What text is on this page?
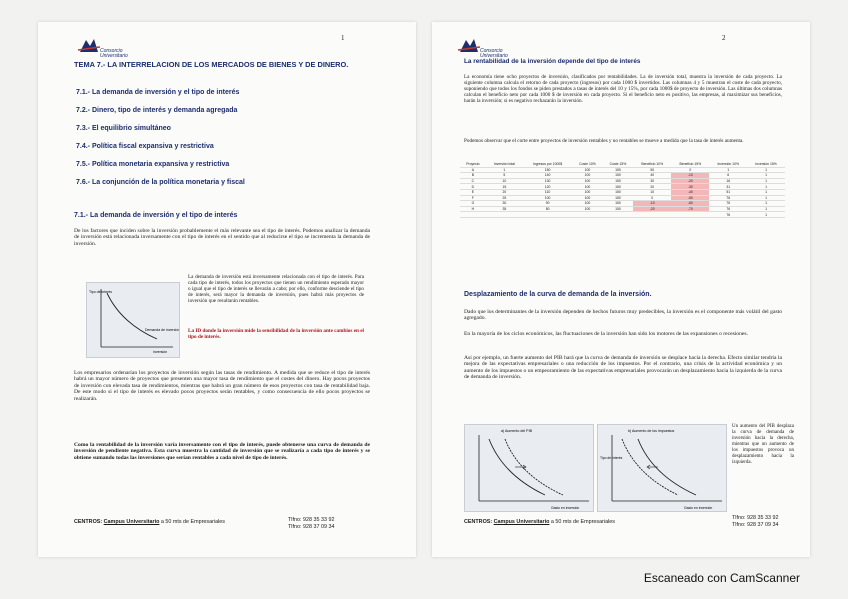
1
Consorcio
Universitario
TEMA 7.- LA INTERRELACION DE LOS MERCADOS DE BIENES Y DE DINERO.
7.1.- La demanda de inversión y el tipo de interés
7.2.- Dinero, tipo de interés y demanda agregada
7.3.- El equilibrio simultáneo
7.4.- Política fiscal expansiva y restrictiva
7.5.- Política monetaria expansiva y restrictiva
7.6.- La conjunción de la política monetaria y fiscal
7.1.- La demanda de inversión y el tipo de interés
De los factores que inciden sobre la inversión probablemente el más relevante sea el tipo de interés. Podemos analizar la demanda de inversión está relacionada inversamente con el tipo de interés en el sentido que al reducirse el tipo se incrementa la demanda de inversión.
Tipo de interés
Demanda de inversión
Inversión
La demanda de inversión está inversamente relacionada con el tipo de interés. Para cada tipo de interés, todos los proyectos que tienen un rendimiento esperado mayor o igual que el tipo de interés se llevarán a cabo; por ello, conforme desciende el tipo de interés, será mayor la demanda de inversión, pues habrá más proyectos de inversión que resultarán rentables.
La ID donde la inversión mide la sensibilidad de la inversión ante cambios en el tipo de interés.
Los empresarios ordenarían los proyectos de inversión según las tasas de rendimiento. A medida que se reduce el tipo de interés habrá un mayor número de proyectos que presenten una mayor tasa de rendimiento que el costes del dinero. Hay pocos proyectos de inversión con elevada tasa de rendimientos, mientras que habrá un gran número de esos proyectos con tasa de rentabilidad baja. De este modo si el tipo de interés es elevado pocos proyectos serán rentables, y como consecuencia de ello pocos proyectos se realizarán.
Como la rentabilidad de la inversión varía inversamente con el tipo de interés, puede obtenerse una curva de demanda de inversión de pendiente negativa. Esta curva muestra la cantidad de inversión que se realizaría a cada tipo de interés y se obtiene sumando todas las inversiones que serían rentables a cada nivel de tipo de interés.
CENTROS: Campus Universitario a 50 mts de Empresariales	Tlfno: 928 35 33 92
Tlfno: 928 37 09 34
2
Consorcio
Universitario
La rentabilidad de la inversión depende del tipo de interés
La economía tiene ocho proyectos de inversión, clasificados por rentabilidades. La de inversión total, muestra la inversión de cada proyecto. La siguiente columna calcula el retorno de cada proyecto (ingresos) por cada 1000 $ invertidos. Las columnas 4 y 5 muestran el coste de cada proyecto, suponiendo que todos los fondos se piden prestados a tasas de interés del 10 y 15%, por cada 1000$ de proyecto de inversión. Las últimas dos columnas calculan el beneficio neto por cada 1000 $ de inversión en cada proyecto. Si el beneficio neto es positivo, las empresas, al maximizar sus beneficios, harán la inversión; si es negativo rechazarán la inversión.
Podemos observar que el corte entre proyectos de inversión rentables y no rentables se mueve a medida que la tasa de interés aumenta.
Proyecto	Inversión total	Ingresos por 1000$	Coste 10%	Coste 15%	Beneficio 10%	Beneficio 15%	Inversión 10%	Inversión 15%
A	1	150	100	150	50	0	1	1
B	5	140	100	150	40	-10	6	1
C	10	130	100	150	30	-20	16	1
D	15	120	100	150	20	-30	31	1
E	20	110	100	150	10	-40	51	1
F	25	100	100	150	0	-50	76	1
G	30	90	100	150	-10	-60	76	1
H	35	80	100	150	-20	-70	76	1
							76	1
Desplazamiento de la curva de demanda de la inversión.
Dado que los determinantes de la inversión dependen de hechos futuros muy predecibles, la inversión es el componente más volátil del gasto agregado.
En la mayoría de los ciclos económicos, las fluctuaciones de la inversión han sido los motores de las expansiones o recesiones.
Así por ejemplo, un fuerte aumento del PIB hará que la curva de demanda de inversión se desplace hacia la derecha. Efecto similar tendría la mejora de las expectativas empresariales o una reducción de los impuestos. Por el contrario, una crisis de la actividad económica y un aumento de los impuestos o un empeoramiento de las expectativas empresariales provocarán un desplazamiento hacia la izquierda de la curva de demanda de inversión.
a) Aumento del PIB
Gasto en inversión
b) Aumento de los impuestos
Tipo de interés
Gasto en inversión
Un aumento del PIB desplaza la curva de demanda de inversión hacia la derecha, mientras que un aumento de los impuestos provoca un desplazamiento hacia la izquierda.
CENTROS: Campus Universitario a 50 mts de Empresariales
Tlfno: 928 35 33 92
Tlfno: 928 37 09 34
Escaneado con CamScanner
